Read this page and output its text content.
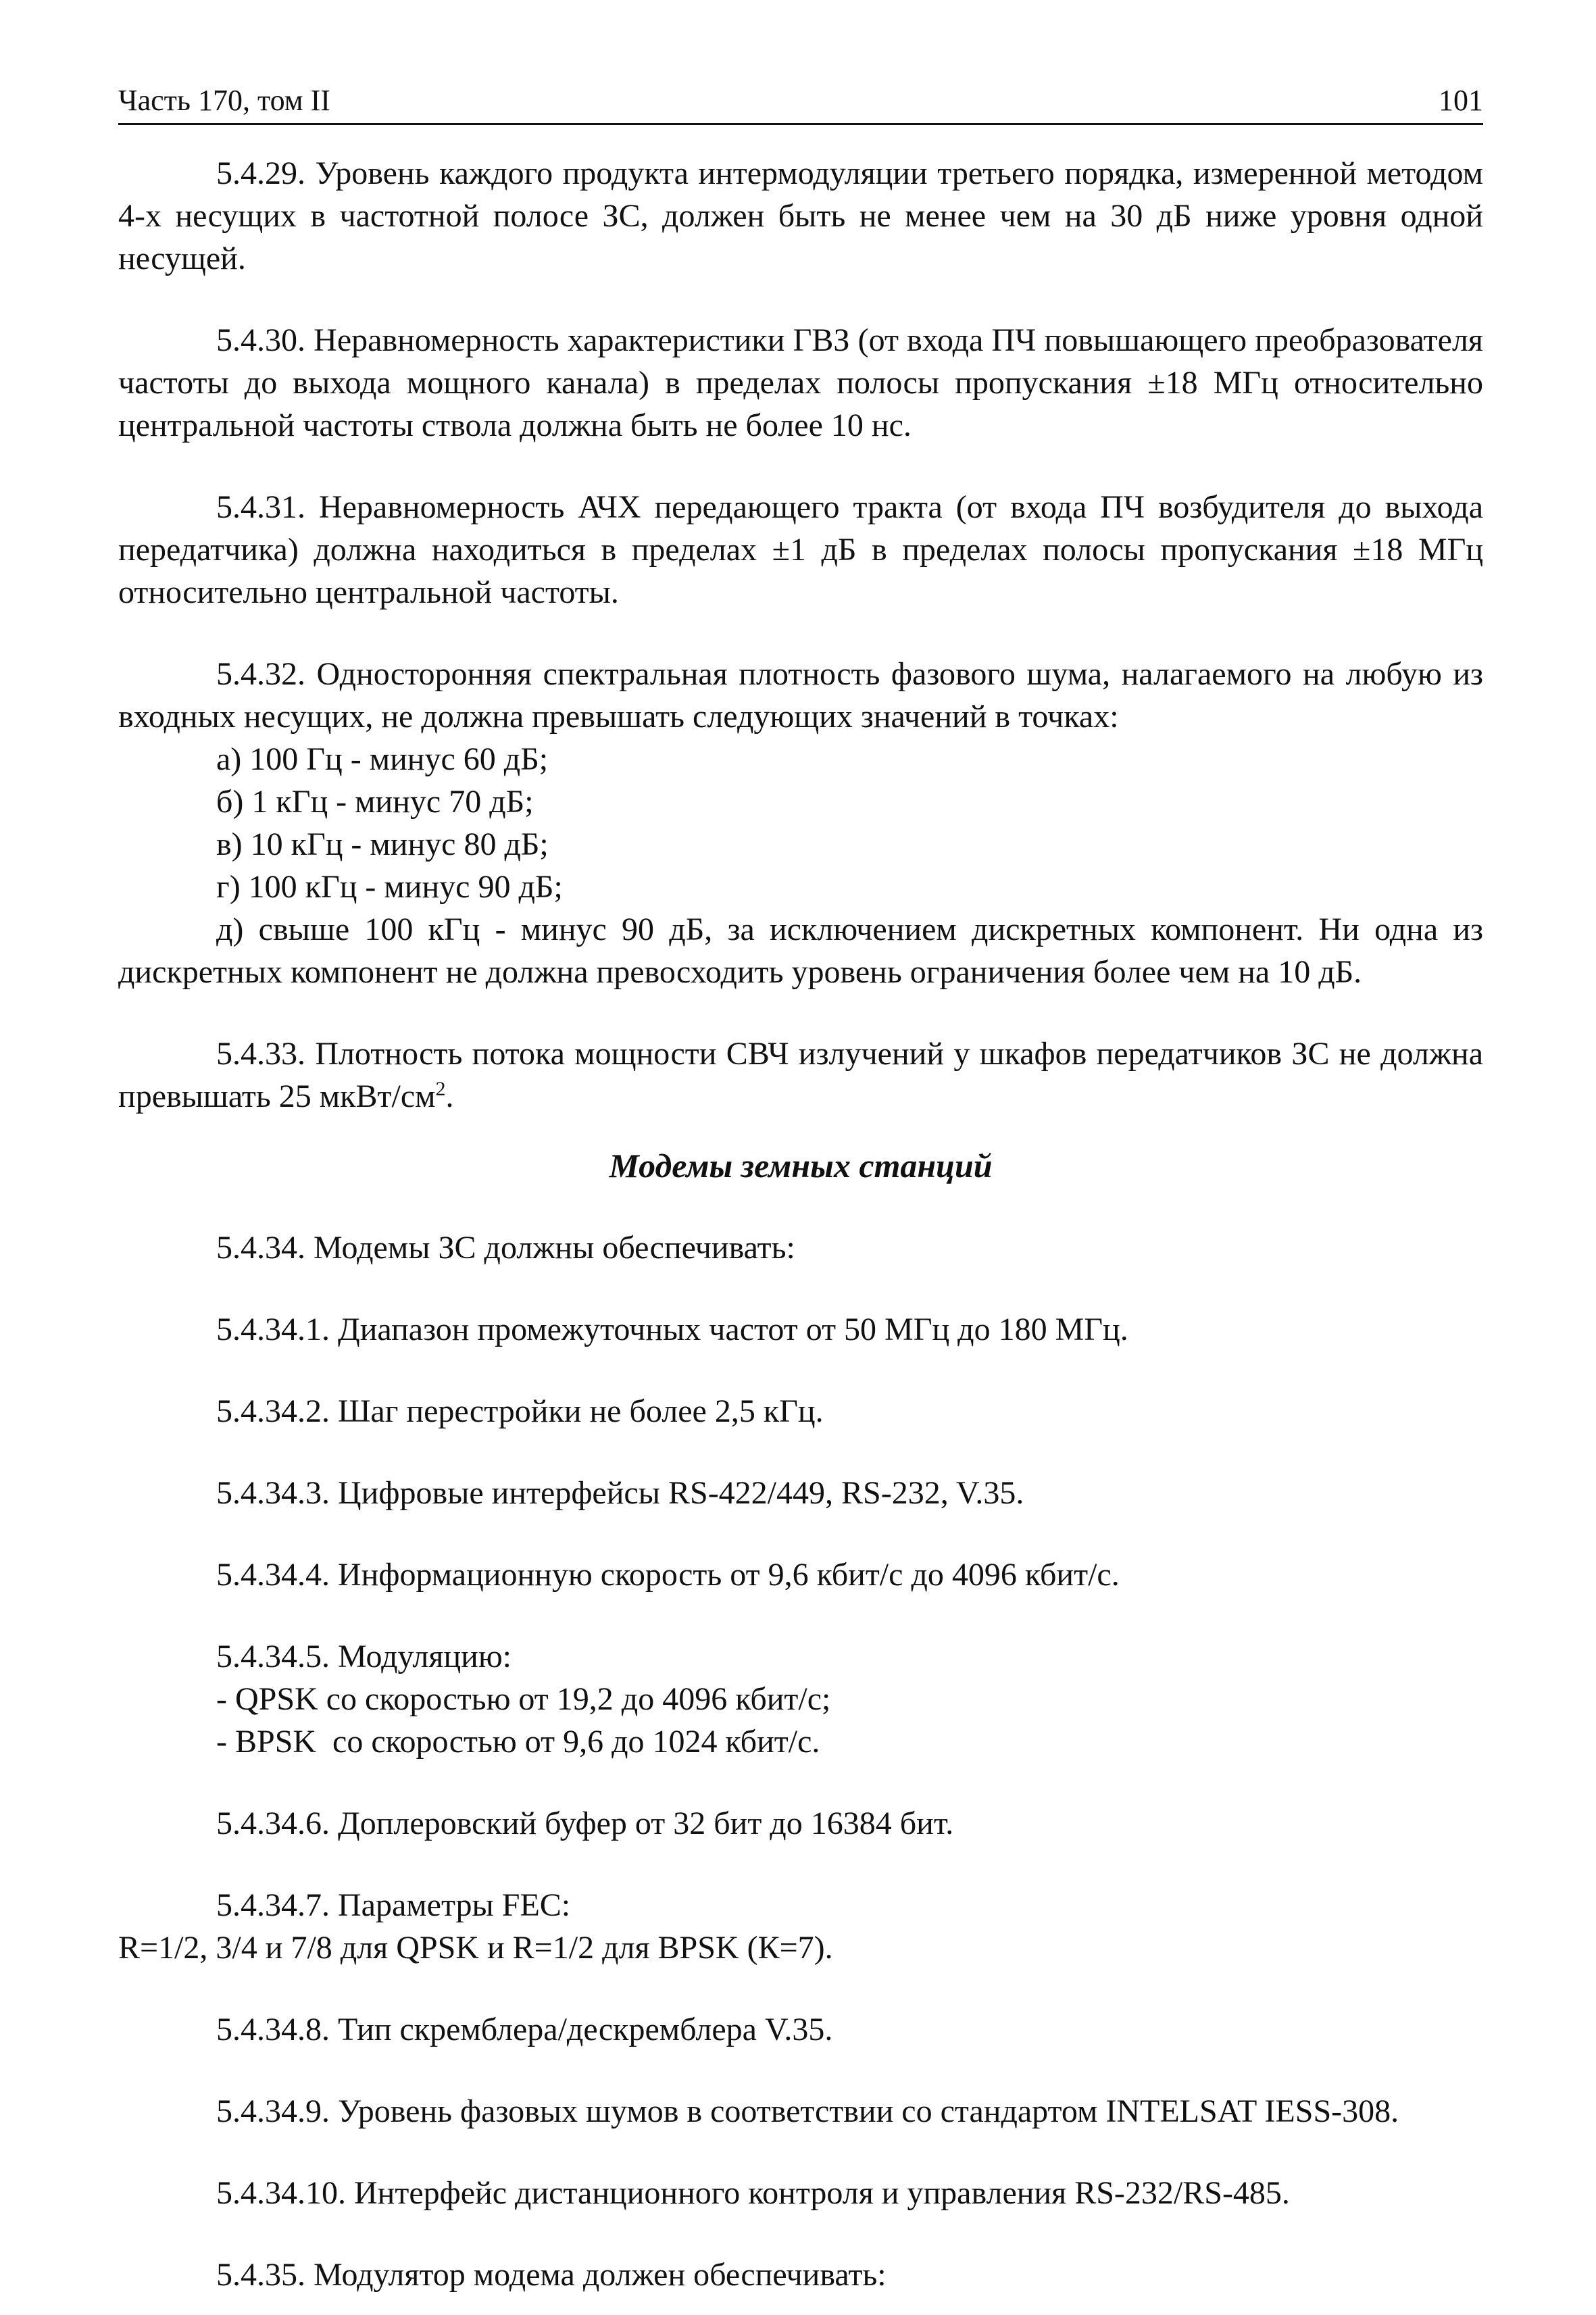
Часть 170, том II	101

5.4.29. Уровень каждого продукта интермодуляции третьего порядка, измеренной методом 4-х несущих в частотной полосе ЗС, должен быть не менее чем на 30 дБ ниже уровня одной несущей.

5.4.30. Неравномерность характеристики ГВЗ (от входа ПЧ повышающего преобразователя частоты до выхода мощного канала) в пределах полосы пропускания ±18 МГц относительно центральной частоты ствола должна быть не более 10 нс.

5.4.31. Неравномерность АЧХ передающего тракта (от входа ПЧ возбудителя до выхода передатчика) должна находиться в пределах ±1 дБ в пределах полосы пропускания ±18 МГц относительно центральной частоты.

5.4.32. Односторонняя спектральная плотность фазового шума, налагаемого на любую из входных несущих, не должна превышать следующих значений в точках:

а) 100 Гц - минус 60 дБ;

б) 1 кГц - минус 70 дБ;

в) 10 кГц - минус 80 дБ;

г) 100 кГц - минус 90 дБ;

д) свыше 100 кГц - минус 90 дБ, за исключением дискретных компонент. Ни одна из дискретных компонент не должна превосходить уровень ограничения более чем на 10 дБ.

5.4.33. Плотность потока мощности СВЧ излучений у шкафов передатчиков ЗС не должна превышать 25 мкВт/$см^2$.

Модемы земных станций

5.4.34. Модемы ЗС должны обеспечивать:

5.4.34.1. Диапазон промежуточных частот от 50 МГц до 180 МГц.

5.4.34.2. Шаг перестройки не более 2,5 кГц.

5.4.34.3. Цифровые интерфейсы RS-422/449, RS-232, V.35.

5.4.34.4. Информационную скорость от 9,6 кбит/с до 4096 кбит/с.

5.4.34.5. Модуляцию:

- QPSK со скоростью от 19,2 до 4096 кбит/с;

- BPSK  со скоростью от 9,6 до 1024 кбит/с.

5.4.34.6. Доплеровский буфер от 32 бит до 16384 бит.

5.4.34.7. Параметры FEC:

R=1/2, 3/4 и 7/8 для QPSK и R=1/2 для BPSK (К=7).

5.4.34.8. Тип скремблера/дескремблера V.35.

5.4.34.9. Уровень фазовых шумов в соответствии со стандартом INTELSAT IESS-308.

5.4.34.10. Интерфейс дистанционного контроля и управления RS-232/RS-485.

5.4.35. Модулятор модема должен обеспечивать:
